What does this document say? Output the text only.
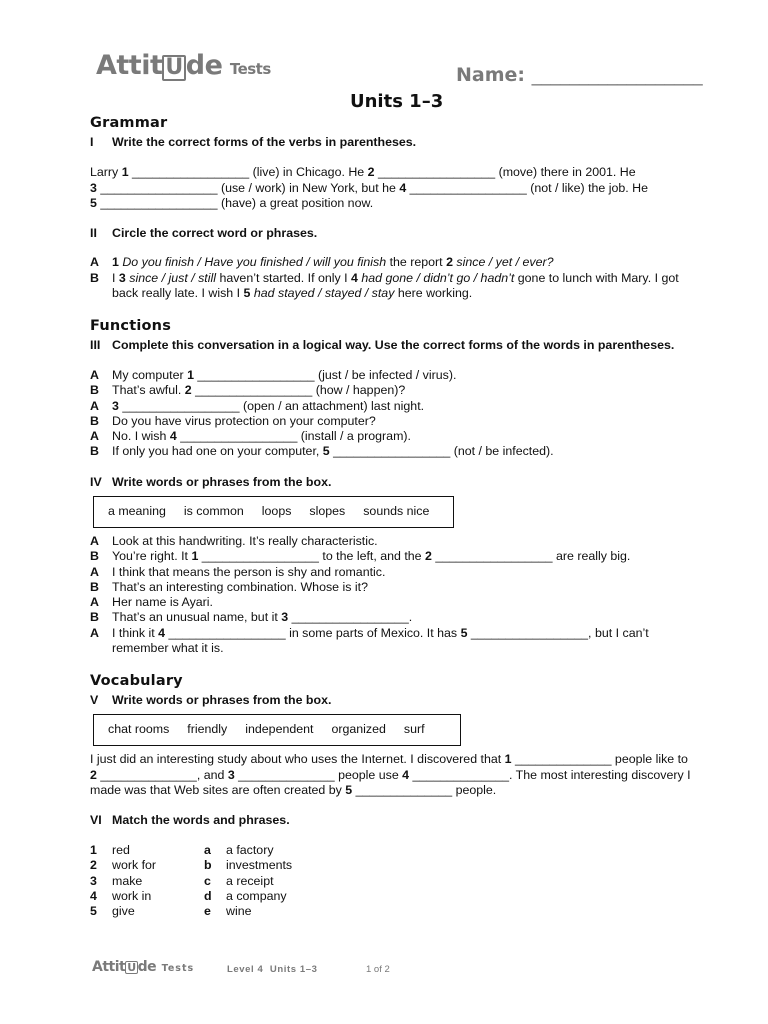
Attit U de Tests	Name: __________________
Units 1–3
Grammar
I Write the correct forms of the verbs in parentheses.
Larry 1 _________________ (live) in Chicago. He 2 _________________ (move) there in 2001. He
3 _________________ (use / work) in New York, but he 4 _________________ (not / like) the job. He
5 _________________ (have) a great position now.
II Circle the correct word or phrases.
A 1 Do you finish / Have you finished / will you finish the report 2 since / yet / ever?
B I 3 since / just / still haven’t started. If only I 4 had gone / didn’t go / hadn’t gone to lunch with Mary. I got
back really late. I wish I 5 had stayed / stayed / stay here working.
Functions
III Complete this conversation in a logical way. Use the correct forms of the words in parentheses.
A My computer 1 _________________ (just / be infected / virus).
B That’s awful. 2 _________________ (how / happen)?
A 3 _________________ (open / an attachment) last night.
B Do you have virus protection on your computer?
A No. I wish 4 _________________ (install / a program).
B If only you had one on your computer, 5 _________________ (not / be infected).
IV Write words or phrases from the box.
a meaning is common loops slopes sounds nice
A Look at this handwriting. It’s really characteristic.
B You’re right. It 1 _________________ to the left, and the 2 _________________ are really big.
A I think that means the person is shy and romantic.
B That’s an interesting combination. Whose is it?
A Her name is Ayari.
B That’s an unusual name, but it 3 _________________.
A I think it 4 _________________ in some parts of Mexico. It has 5 _________________, but I can’t
remember what it is.
Vocabulary
V Write words or phrases from the box.
chat rooms friendly independent organized surf
I just did an interesting study about who uses the Internet. I discovered that 1 ______________ people like to
2 ______________, and 3 ______________ people use 4 ______________. The most interesting discovery I
made was that Web sites are often created by 5 ______________ people.
VI Match the words and phrases.
1 red	a a factory
2 work for	b investments
3 make	c a receipt
4 work in	d a company
5 give	e wine
Attit U de Tests	Level 4  Units 1–3	1 of 2
